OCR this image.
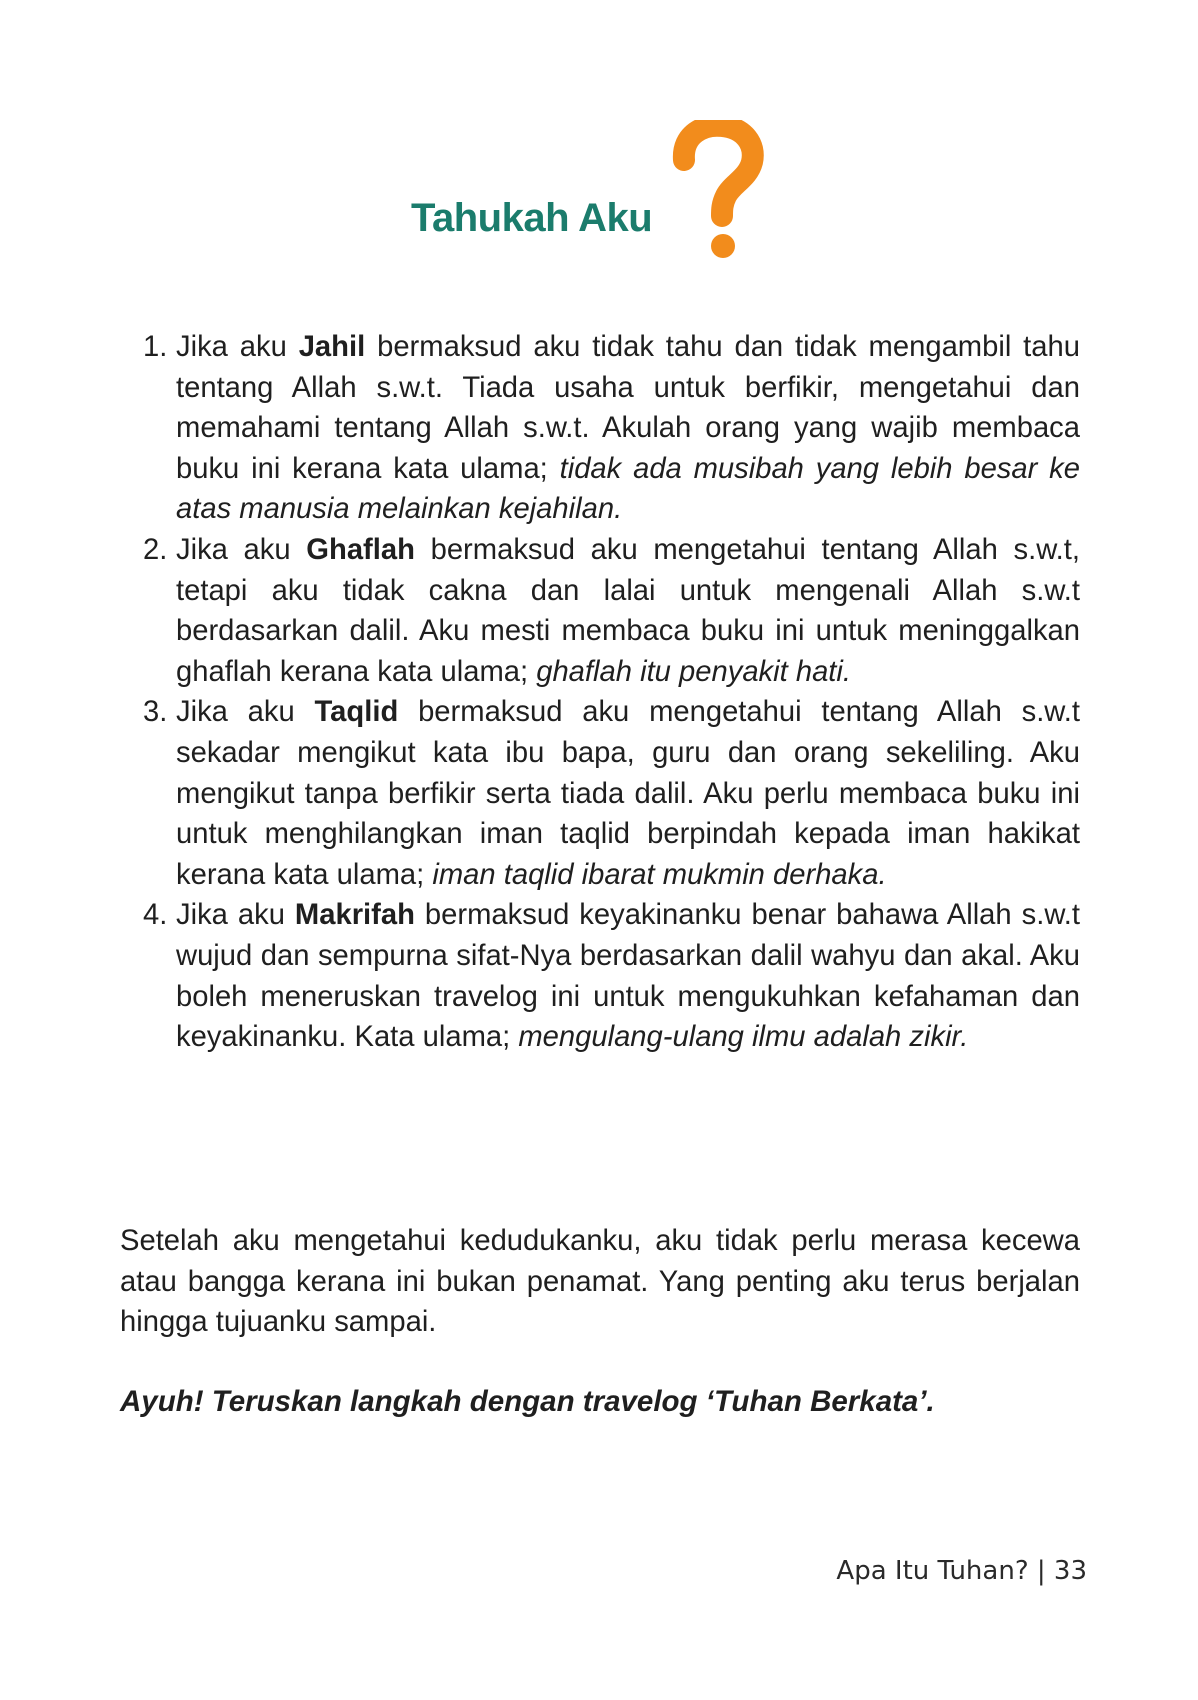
Tahukah Aku
1. Jika aku Jahil bermaksud aku tidak tahu dan tidak mengambil tahu tentang Allah s.w.t. Tiada usaha untuk berfikir, mengetahui dan memahami tentang Allah s.w.t. Akulah orang yang wajib membaca buku ini kerana kata ulama; tidak ada musibah yang lebih besar ke atas manusia melainkan kejahilan.
2. Jika aku Ghaflah bermaksud aku mengetahui tentang Allah s.w.t, tetapi aku tidak cakna dan lalai untuk mengenali Allah s.w.t berdasarkan dalil. Aku mesti membaca buku ini untuk meninggalkan ghaflah kerana kata ulama; ghaflah itu penyakit hati.
3. Jika aku Taqlid bermaksud aku mengetahui tentang Allah s.w.t sekadar mengikut kata ibu bapa, guru dan orang sekeliling. Aku mengikut tanpa berfikir serta tiada dalil. Aku perlu membaca buku ini untuk menghilangkan iman taqlid berpindah kepada iman hakikat kerana kata ulama; iman taqlid ibarat mukmin derhaka.
4. Jika aku Makrifah bermaksud keyakinanku benar bahawa Allah s.w.t wujud dan sempurna sifat-Nya berdasarkan dalil wahyu dan akal. Aku boleh meneruskan travelog ini untuk mengukuhkan kefahaman dan keyakinanku. Kata ulama; mengulang-ulang ilmu adalah zikir.

Setelah aku mengetahui kedudukanku, aku tidak perlu merasa kecewa atau bangga kerana ini bukan penamat. Yang penting aku terus berjalan hingga tujuanku sampai.

Ayuh! Teruskan langkah dengan travelog ‘Tuhan Berkata’.

Apa Itu Tuhan? | 33
